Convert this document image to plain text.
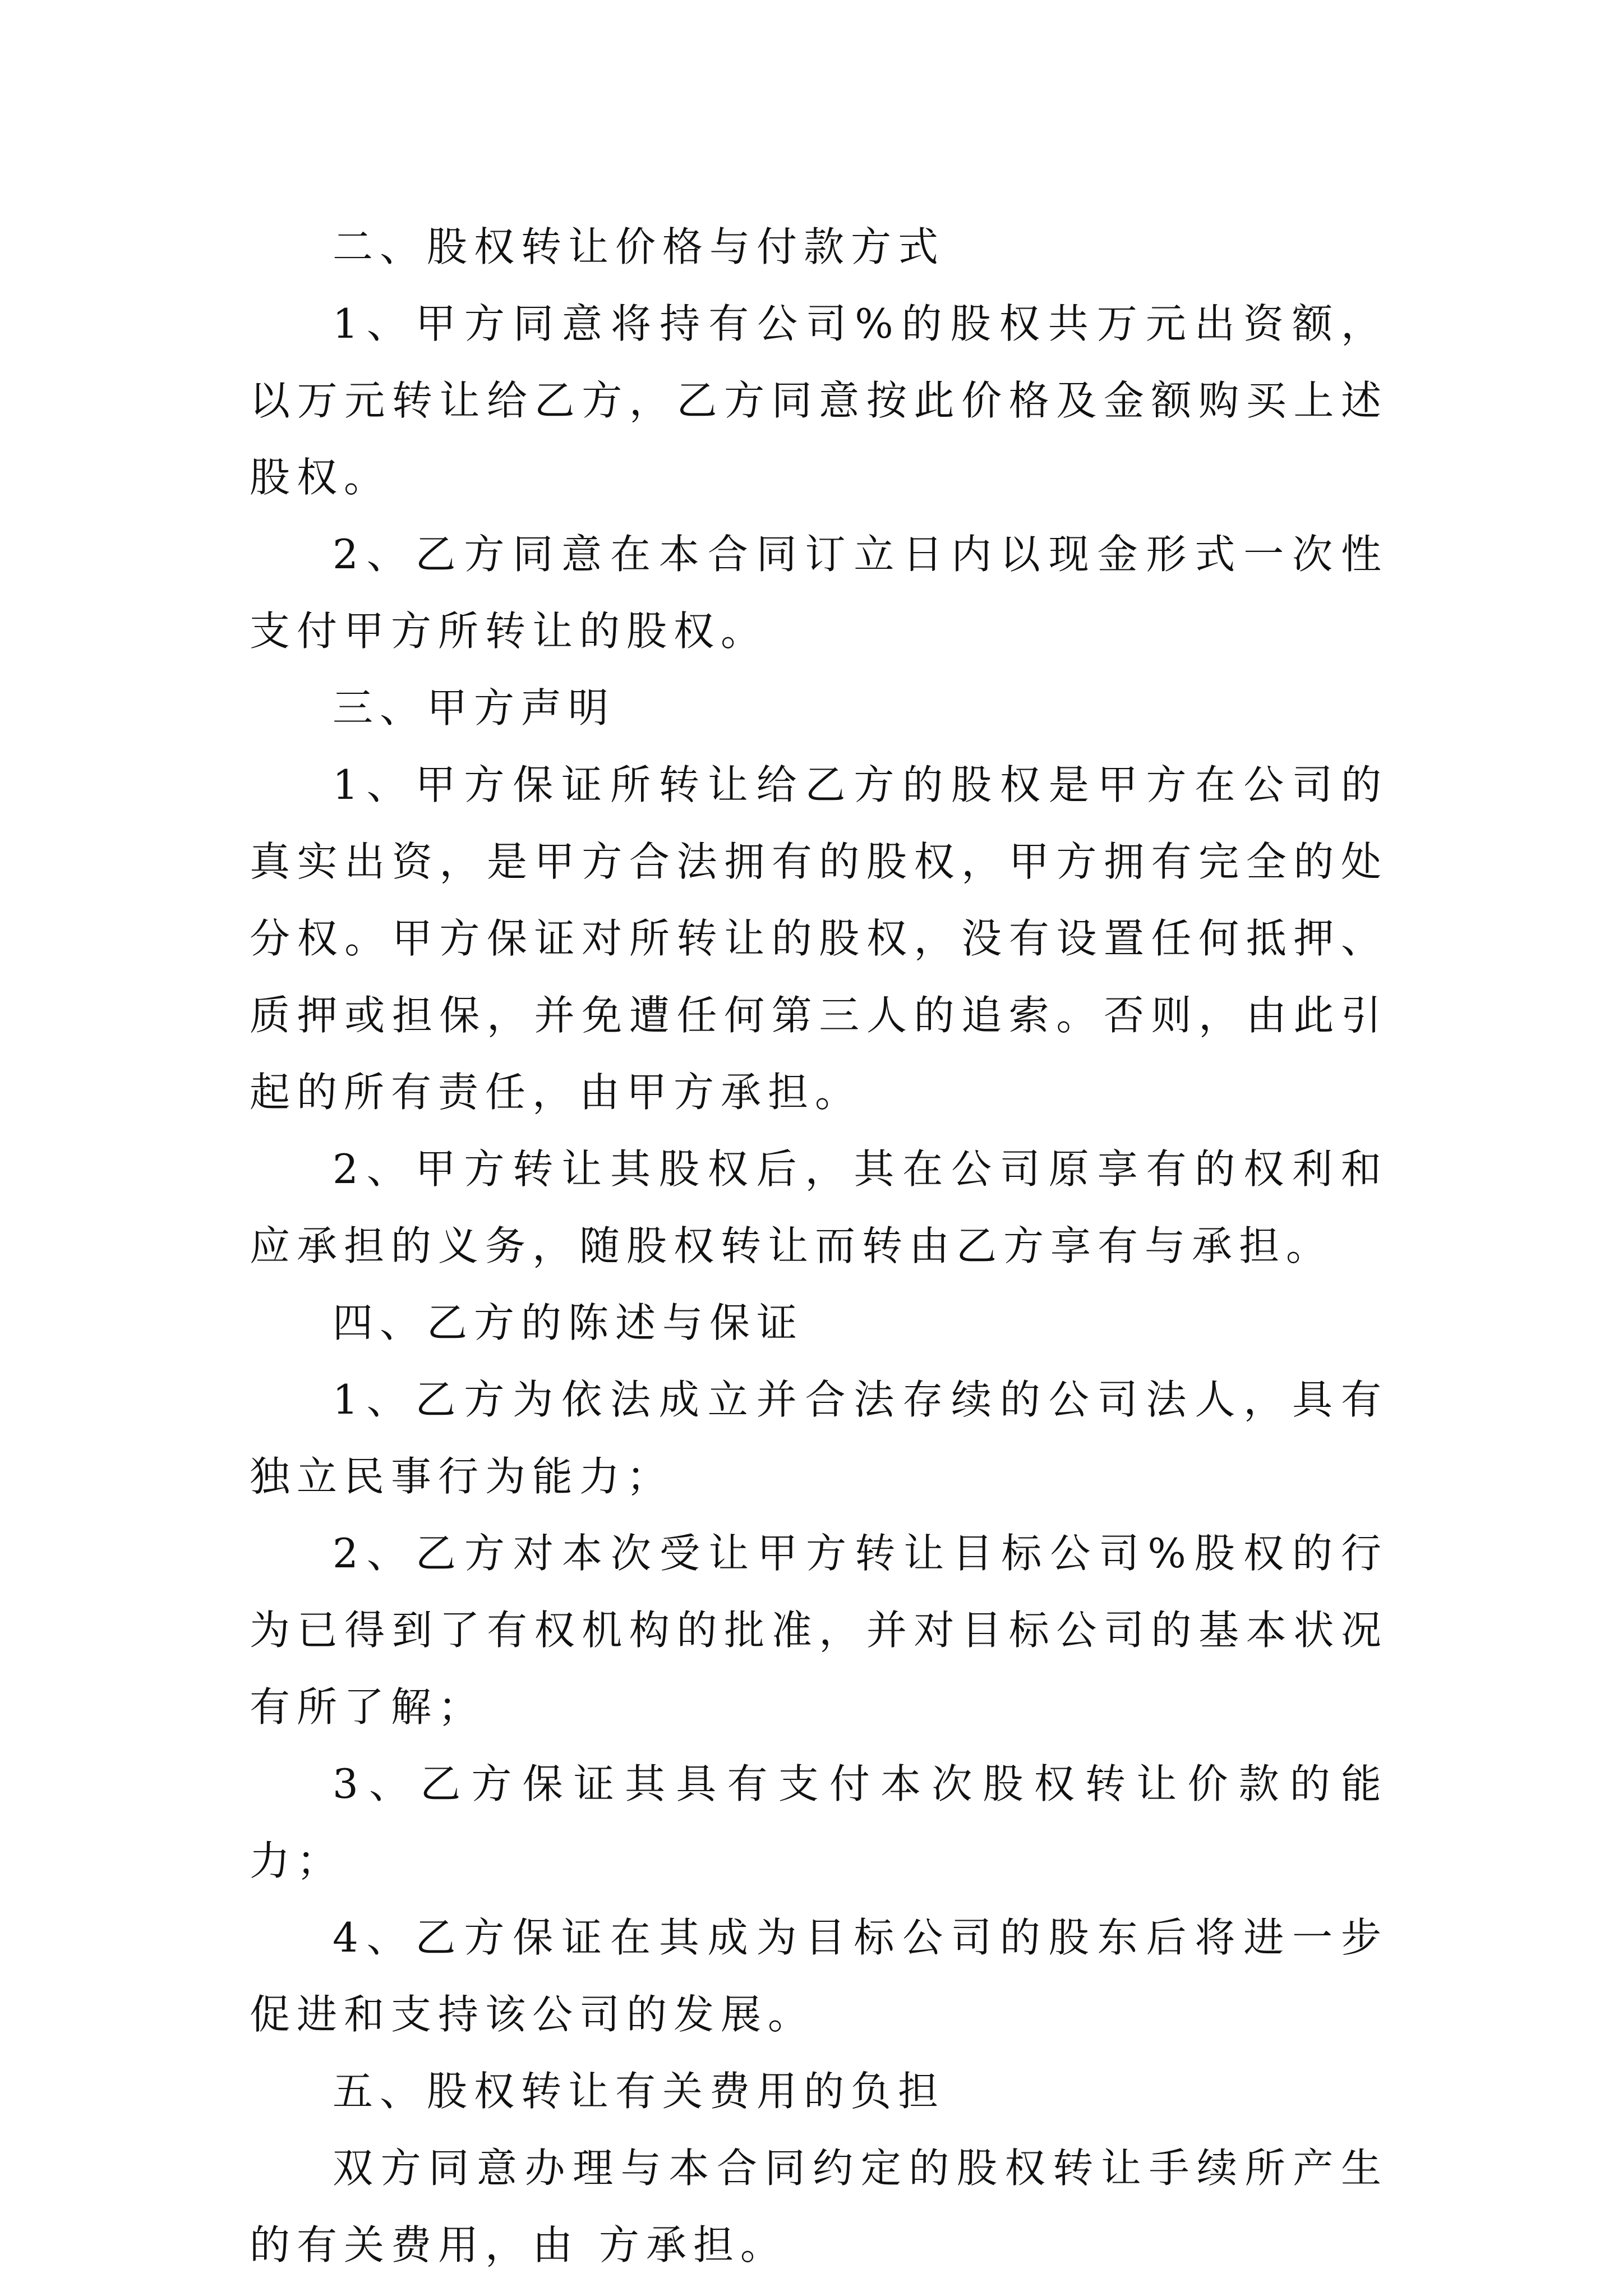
二、股权转让价格与付款方式

1、甲方同意将持有公司%的股权共万元出资额，以万元转让给乙方，乙方同意按此价格及金额购买上述股权。

2、乙方同意在本合同订立日内以现金形式一次性支付甲方所转让的股权。

三、甲方声明

1、甲方保证所转让给乙方的股权是甲方在公司的真实出资，是甲方合法拥有的股权，甲方拥有完全的处分权。甲方保证对所转让的股权，没有设置任何抵押、质押或担保，并免遭任何第三人的追索。否则，由此引起的所有责任，由甲方承担。

2、甲方转让其股权后，其在公司原享有的权利和应承担的义务，随股权转让而转由乙方享有与承担。

四、乙方的陈述与保证

1、乙方为依法成立并合法存续的公司法人，具有独立民事行为能力；

2、乙方对本次受让甲方转让目标公司%股权的行为已得到了有权机构的批准，并对目标公司的基本状况有所了解；

3、乙方保证其具有支付本次股权转让价款的能力；

4、乙方保证在其成为目标公司的股东后将进一步促进和支持该公司的发展。

五、股权转让有关费用的负担

双方同意办理与本合同约定的股权转让手续所产生的有关费用，由 方承担。
